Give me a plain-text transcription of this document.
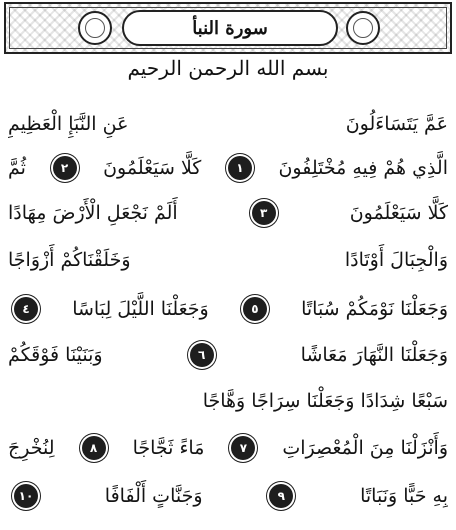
سورة النبأ
بسم الله الرحمن الرحيم
عَمَّ يَتَسَاءَلُونَ
عَنِ النَّبَإِ الْعَظِيمِ
الَّذِي هُمْ فِيهِ مُخْتَلِفُونَ
١
كَلَّا سَيَعْلَمُونَ
٢
ثُمَّ
كَلَّا سَيَعْلَمُونَ
٣
أَلَمْ نَجْعَلِ الْأَرْضَ مِهَادًا
وَالْجِبَالَ أَوْتَادًا
وَخَلَقْنَاكُمْ أَزْوَاجًا
وَجَعَلْنَا نَوْمَكُمْ سُبَاتًا
٥
وَجَعَلْنَا اللَّيْلَ لِبَاسًا
٤
وَجَعَلْنَا النَّهَارَ مَعَاشًا
٦
وَبَنَيْنَا فَوْقَكُمْ
سَبْعًا شِدَادًا وَجَعَلْنَا سِرَاجًا وَهَّاجًا
وَأَنْزَلْنَا مِنَ الْمُعْصِرَاتِ
٧
مَاءً ثَجَّاجًا
٨
لِنُخْرِجَ
بِهِ حَبًّا وَنَبَاتًا
٩
وَجَنَّاتٍ أَلْفَافًا
١٠
